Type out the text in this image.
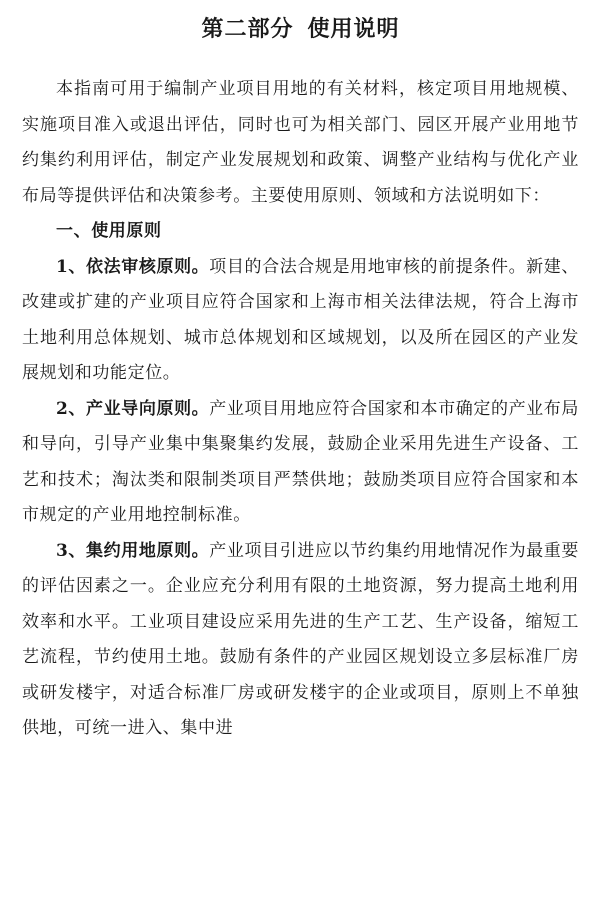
第二部分 使用说明

本指南可用于编制产业项目用地的有关材料，核定项目用地规模、实施项目准入或退出评估，同时也可为相关部门、园区开展产业用地节约集约利用评估，制定产业发展规划和政策、调整产业结构与优化产业布局等提供评估和决策参考。主要使用原则、领域和方法说明如下：

一、使用原则

1、依法审核原则。项目的合法合规是用地审核的前提条件。新建、改建或扩建的产业项目应符合国家和上海市相关法律法规，符合上海市土地利用总体规划、城市总体规划和区域规划，以及所在园区的产业发展规划和功能定位。

2、产业导向原则。产业项目用地应符合国家和本市确定的产业布局和导向，引导产业集中集聚集约发展，鼓励企业采用先进生产设备、工艺和技术；淘汰类和限制类项目严禁供地；鼓励类项目应符合国家和本市规定的产业用地控制标准。

3、集约用地原则。产业项目引进应以节约集约用地情况作为最重要的评估因素之一。企业应充分利用有限的土地资源，努力提高土地利用效率和水平。工业项目建设应采用先进的生产工艺、生产设备，缩短工艺流程，节约使用土地。鼓励有条件的产业园区规划设立多层标准厂房或研发楼宇，对适合标准厂房或研发楼宇的企业或项目，原则上不单独供地，可统一进入、集中进
